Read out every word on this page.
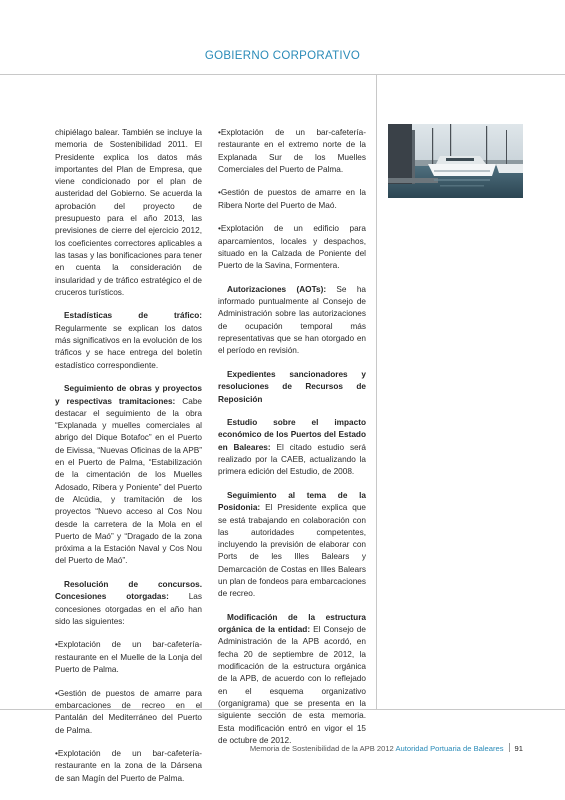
GOBIERNO CORPORATIVO

chipiélago balear. También se incluye la memoria de Sostenibilidad 2011. El Presidente explica los datos más importantes del Plan de Empresa, que viene condicionado por el plan de austeridad del Gobierno. Se acuerda la aprobación del proyecto de presupuesto para el año 2013, las previsiones de cierre del ejercicio 2012, los coeficientes correctores aplicables a las tasas y las bonificaciones para tener en cuenta la consideración de insularidad y de tráfico estratégico el de cruceros turísticos.

Estadísticas de tráfico: Regularmente se explican los datos más significativos en la evolución de los tráficos y se hace entrega del boletín estadístico correspondiente.

Seguimiento de obras y proyectos y respectivas tramitaciones: Cabe destacar el seguimiento de la obra “Explanada y muelles comerciales al abrigo del Dique Botafoc” en el Puerto de Eivissa, “Nuevas Oficinas de la APB” en el Puerto de Palma, “Estabilización de la cimentación de los Muelles Adosado, Ribera y Poniente” del Puerto de Alcúdia, y tramitación de los proyectos “Nuevo acceso al Cos Nou desde la carretera de la Mola en el Puerto de Maó” y “Dragado de la zona próxima a la Estación Naval y Cos Nou del Puerto de Maó”.

Resolución de concursos. Concesiones otorgadas: Las concesiones otorgadas en el año han sido las siguientes:

•Explotación de un bar-cafetería-restaurante en el Muelle de la Lonja del Puerto de Palma.

•Gestión de puestos de amarre para embarcaciones de recreo en el Pantalán del Mediterráneo del Puerto de Palma.

•Explotación de un bar-cafetería-restaurante en la zona de la Dársena de san Magín del Puerto de Palma.

•Explotación de un bar-cafetería-restaurante en el extremo norte de la Explanada Sur de los Muelles Comerciales del Puerto de Palma.

•Gestión de puestos de amarre en la Ribera Norte del Puerto de Maó.

•Explotación de un edificio para aparcamientos, locales y despachos, situado en la Calzada de Poniente del Puerto de la Savina, Formentera.

Autorizaciones (AOTs): Se ha informado puntualmente al Consejo de Administración sobre las autorizaciones de ocupación temporal más representativas que se han otorgado en el período en revisión.

Expedientes sancionadores y resoluciones de Recursos de Reposición

Estudio sobre el impacto económico de los Puertos del Estado en Baleares: El citado estudio será realizado por la CAEB, actualizando la primera edición del Estudio, de 2008.

Seguimiento al tema de la Posidonia: El Presidente explica que se está trabajando en colaboración con las autoridades competentes, incluyendo la previsión de elaborar con Ports de les Illes Balears y Demarcación de Costas en Illes Balears un plan de fondeos para embarcaciones de recreo.

Modificación de la estructura orgánica de la entidad: El Consejo de Administración de la APB acordó, en fecha 20 de septiembre de 2012, la modificación de la estructura orgánica de la APB, de acuerdo con lo reflejado en el esquema organizativo (organigrama) que se presenta en la siguiente sección de esta memoria. Esta modificación entró en vigor el 15 de octubre de 2012.

Memoria de Sostenibilidad de la APB 2012 Autoridad Portuaria de Baleares 91
